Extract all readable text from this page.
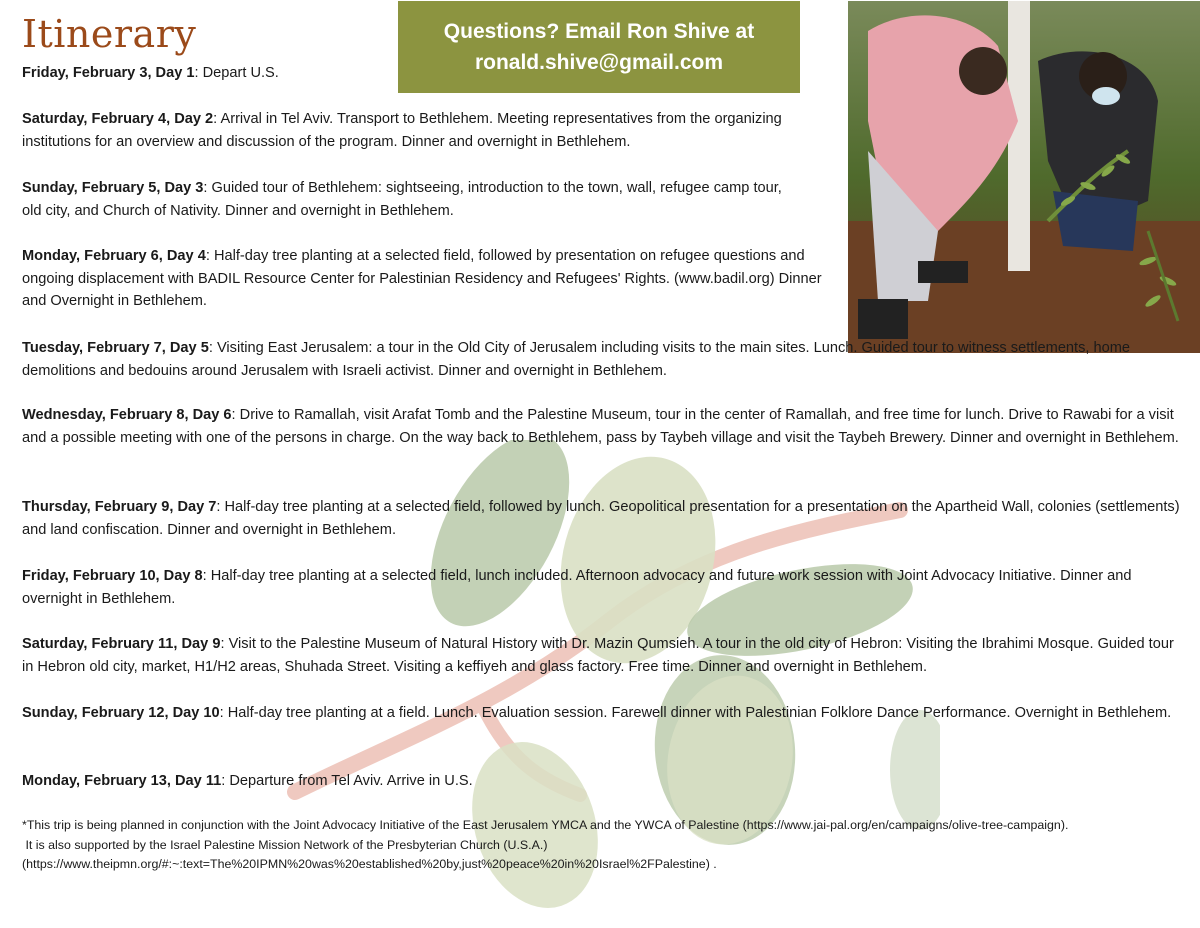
Itinerary	Questions? Email Ron Shive at
ronald.shive@gmail.com

Friday, February 3, Day 1: Depart U.S.

Saturday, February 4, Day 2: Arrival in Tel Aviv. Transport to Bethlehem. Meeting representatives from the organizing institutions for an overview and discussion of the program. Dinner and overnight in Bethlehem.

Sunday, February 5, Day 3: Guided tour of Bethlehem: sightseeing, introduction to the town, wall, refugee camp tour, old city, and Church of Nativity. Dinner and overnight in Bethlehem.

Monday, February 6, Day 4: Half-day tree planting at a selected field, followed by presentation on refugee questions and ongoing displacement with BADIL Resource Center for Palestinian Residency and Refugees' Rights. (www.badil.org) Dinner and Overnight in Bethlehem.

Tuesday, February 7, Day 5: Visiting East Jerusalem: a tour in the Old City of Jerusalem including visits to the main sites. Lunch. Guided tour to witness settlements, home demolitions and bedouins around Jerusalem with Israeli activist. Dinner and overnight in Bethlehem.

Wednesday, February 8, Day 6: Drive to Ramallah, visit Arafat Tomb and the Palestine Museum, tour in the center of Ramallah, and free time for lunch. Drive to Rawabi for a visit and a possible meeting with one of the persons in charge. On the way back to Bethlehem, pass by Taybeh village and visit the Taybeh Brewery. Dinner and overnight in Bethlehem.

Thursday, February 9, Day 7: Half-day tree planting at a selected field, followed by lunch. Geopolitical presentation for a presentation on the Apartheid Wall, colonies (settlements) and land confiscation. Dinner and overnight in Bethlehem.

Friday, February 10, Day 8: Half-day tree planting at a selected field, lunch included. Afternoon advocacy and future work session with Joint Advocacy Initiative. Dinner and overnight in Bethlehem.

Saturday, February 11, Day 9: Visit to the Palestine Museum of Natural History with Dr. Mazin Qumsieh. A tour in the old city of Hebron: Visiting the Ibrahimi Mosque. Guided tour in Hebron old city, market, H1/H2 areas, Shuhada Street. Visiting a keffiyeh and glass factory. Free time. Dinner and overnight in Bethlehem.

Sunday, February 12, Day 10: Half-day tree planting at a field. Lunch. Evaluation session. Farewell dinner with Palestinian Folklore Dance Performance. Overnight in Bethlehem.

Monday, February 13, Day 11: Departure from Tel Aviv. Arrive in U.S.

*This trip is being planned in conjunction with the Joint Advocacy Initiative of the East Jerusalem YMCA and the YWCA of Palestine (https://www.jai-pal.org/en/campaigns/olive-tree-campaign).
It is also supported by the Israel Palestine Mission Network of the Presbyterian Church (U.S.A.)
(https://www.theipmn.org/#:~:text=The%20IPMN%20was%20established%20by,just%20peace%20in%20Israel%2FPalestine) .
